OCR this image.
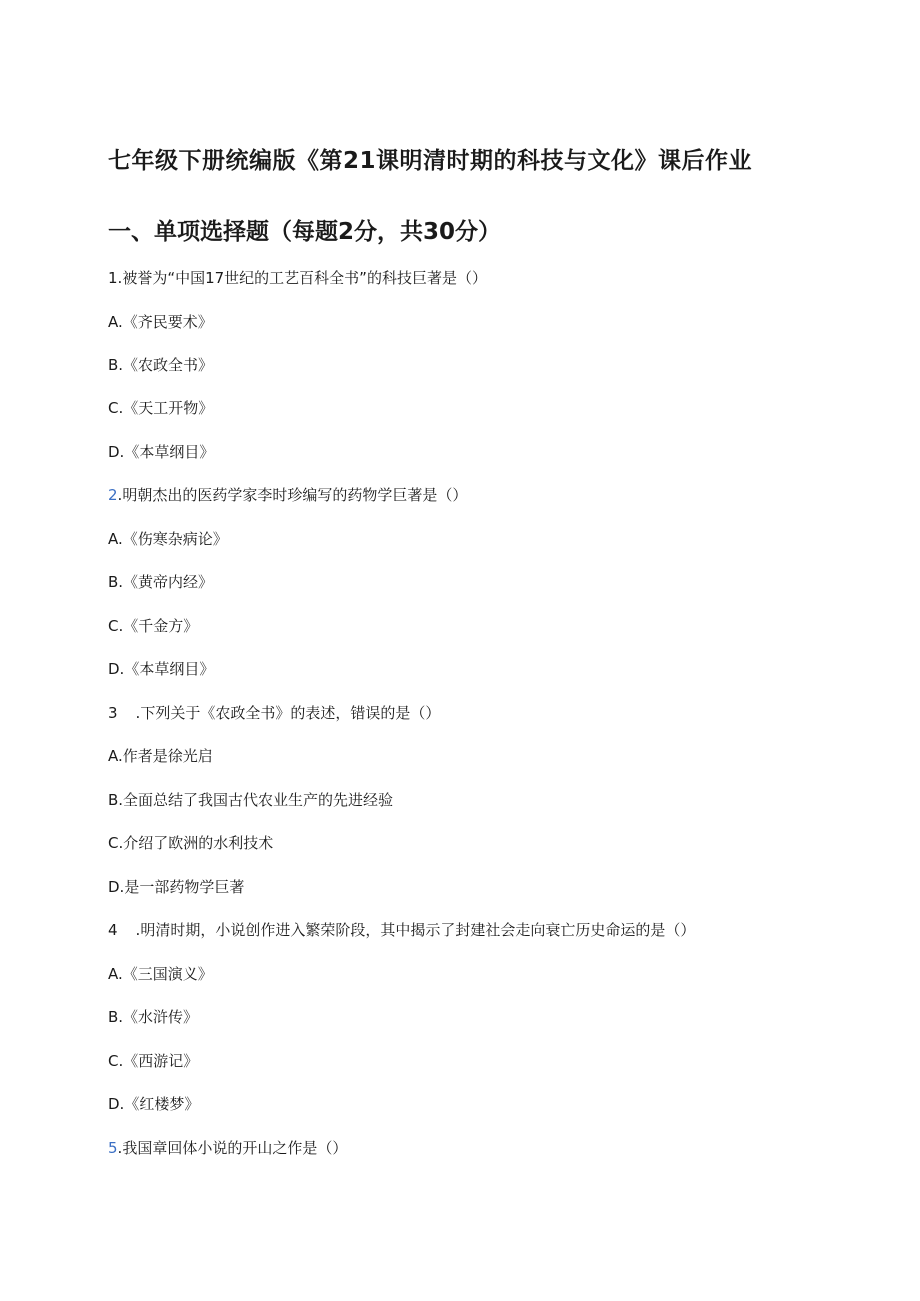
七年级下册统编版《第21课明清时期的科技与文化》课后作业
一、单项选择题（每题2分，共30分）
1.被誉为“中国17世纪的工艺百科全书”的科技巨著是（）
A.《齐民要术》
B.《农政全书》
C.《天工开物》
D.《本草纲目》
2.明朝杰出的医药学家李时珍编写的药物学巨著是（）
A.《伤寒杂病论》
B.《黄帝内经》
C.《千金方》
D.《本草纲目》
3 .下列关于《农政全书》的表述，错误的是（）
A.作者是徐光启
B.全面总结了我国古代农业生产的先进经验
C.介绍了欧洲的水利技术
D.是一部药物学巨著
4 .明清时期，小说创作进入繁荣阶段，其中揭示了封建社会走向衰亡历史命运的是（）
A.《三国演义》
B.《水浒传》
C.《西游记》
D.《红楼梦》
5.我国章回体小说的开山之作是（）
